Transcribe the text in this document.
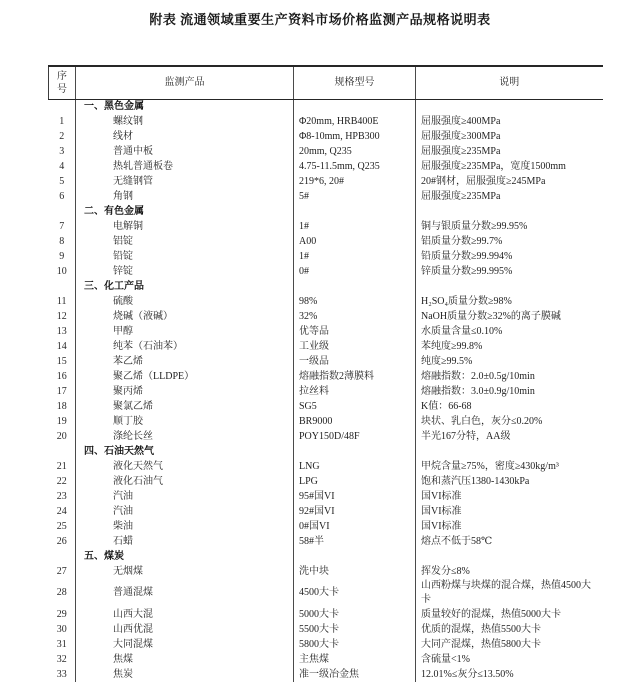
附表 流通领域重要生产资料市场价格监测产品规格说明表
序号	监测产品	规格型号	说明
	一、黑色金属		
1	螺纹钢	Φ20mm, HRB400E	屈服强度≥400MPa
2	线材	Φ8-10mm, HPB300	屈服强度≥300MPa
3	普通中板	20mm, Q235	屈服强度≥235MPa
4	热轧普通板卷	4.75-11.5mm, Q235	屈服强度≥235MPa，宽度1500mm
5	无缝钢管	219*6, 20#	20#钢材，屈服强度≥245MPa
6	角钢	5#	屈服强度≥235MPa
	二、有色金属		
7	电解铜	1#	铜与银质量分数≥99.95%
8	铝锭	A00	铝质量分数≥99.7%
9	铅锭	1#	铅质量分数≥99.994%
10	锌锭	0#	锌质量分数≥99.995%
	三、化工产品		
11	硫酸	98%	H₂SO₄质量分数≥98%
12	烧碱（液碱）	32%	NaOH质量分数≥32%的离子膜碱
13	甲醇	优等品	水质量含量≤0.10%
14	纯苯（石油苯）	工业级	苯纯度≥99.8%
15	苯乙烯	一级品	纯度≥99.5%
16	聚乙烯（LLDPE）	熔融指数2薄膜料	熔融指数：2.0±0.5g/10min
17	聚丙烯	拉丝料	熔融指数：3.0±0.9g/10min
18	聚氯乙烯	SG5	K值：66-68
19	顺丁胶	BR9000	块状、乳白色，灰分≤0.20%
20	涤纶长丝	POY150D/48F	半光167分特，AA级
	四、石油天然气		
21	液化天然气	LNG	甲烷含量≥75%，密度≥430kg/m³
22	液化石油气	LPG	饱和蒸汽压1380-1430kPa
23	汽油	95#国VI	国VI标准
24	汽油	92#国VI	国VI标准
25	柴油	0#国VI	国VI标准
26	石蜡	58#半	熔点不低于58℃
	五、煤炭		
27	无烟煤	洗中块	挥发分≤8%
28	普通混煤	4500大卡	山西粉煤与块煤的混合煤，热值4500大卡
29	山西大混	5000大卡	质量较好的混煤，热值5000大卡
30	山西优混	5500大卡	优质的混煤，热值5500大卡
31	大同混煤	5800大卡	大同产混煤，热值5800大卡
32	焦煤	主焦煤	含硫量<1%
33	焦炭	准一级冶金焦	12.01%≤灰分≤13.50%
